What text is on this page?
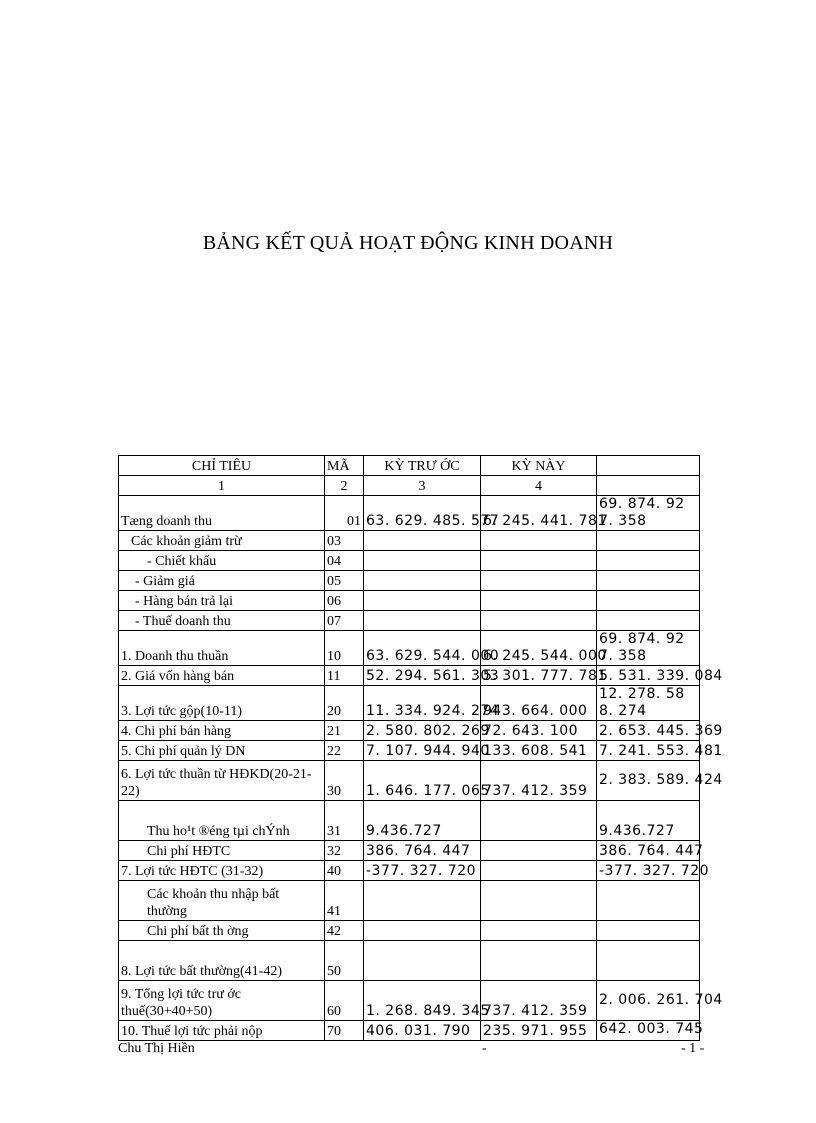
BẢNG KẾT QUẢ HOẠT ĐỘNG KINH DOANH
CHỈ TIÊU	MÃ	KỲ TRƯ ỚC	KỲ NÀY	
1	2	3	4	
Tæng doanh thu	01	63. 629. 485. 577	6. 245. 441. 781	69. 874. 927. 358
Các khoản giảm trừ	03			
- Chiết khấu	04			
- Giảm giá	05			
- Hàng bán trả lại	06			
- Thuế doanh thu	07			
1. Doanh thu thuần	10	63. 629. 544. 000	6. 245. 544. 000	69. 874. 927. 358
2. Giá vốn hàng bán	11	52. 294. 561. 303	5. 301. 777. 781	5. 531. 339. 084
3. Lợi tức gộp(10-11)	20	11. 334. 924. 274	943. 664. 000	12. 278. 588. 274
4. Chi phí bán hàng	21	2. 580. 802. 269	72. 643. 100	2. 653. 445. 369
5. Chi phí quản lý DN	22	7. 107. 944. 940	133. 608. 541	7. 241. 553. 481
6. Lợi tức thuần từ HĐKD(20-21-22)	30	1. 646. 177. 065	737. 412. 359	2. 383. 589. 424
Thu ho¹t ®éng tµi chÝnh	31	9.436.727		9.436.727
Chi phí HĐTC	32	386. 764. 447		386. 764. 447
7. Lợi tức HĐTC (31-32)	40	-377. 327. 720		-377. 327. 720
Các khoản thu nhập bất thường	41			
Chi phí bất th ờng	42			
8. Lợi tức bất thường(41-42)	50			
9. Tổng lợi tức trư ớc thuế(30+40+50)	60	1. 268. 849. 345	737. 412. 359	2. 006. 261. 704
10. Thuế lợi tức phải nộp	70	406. 031. 790	235. 971. 955	642. 003. 745
Chu Thị Hiền	-	- 1 -
